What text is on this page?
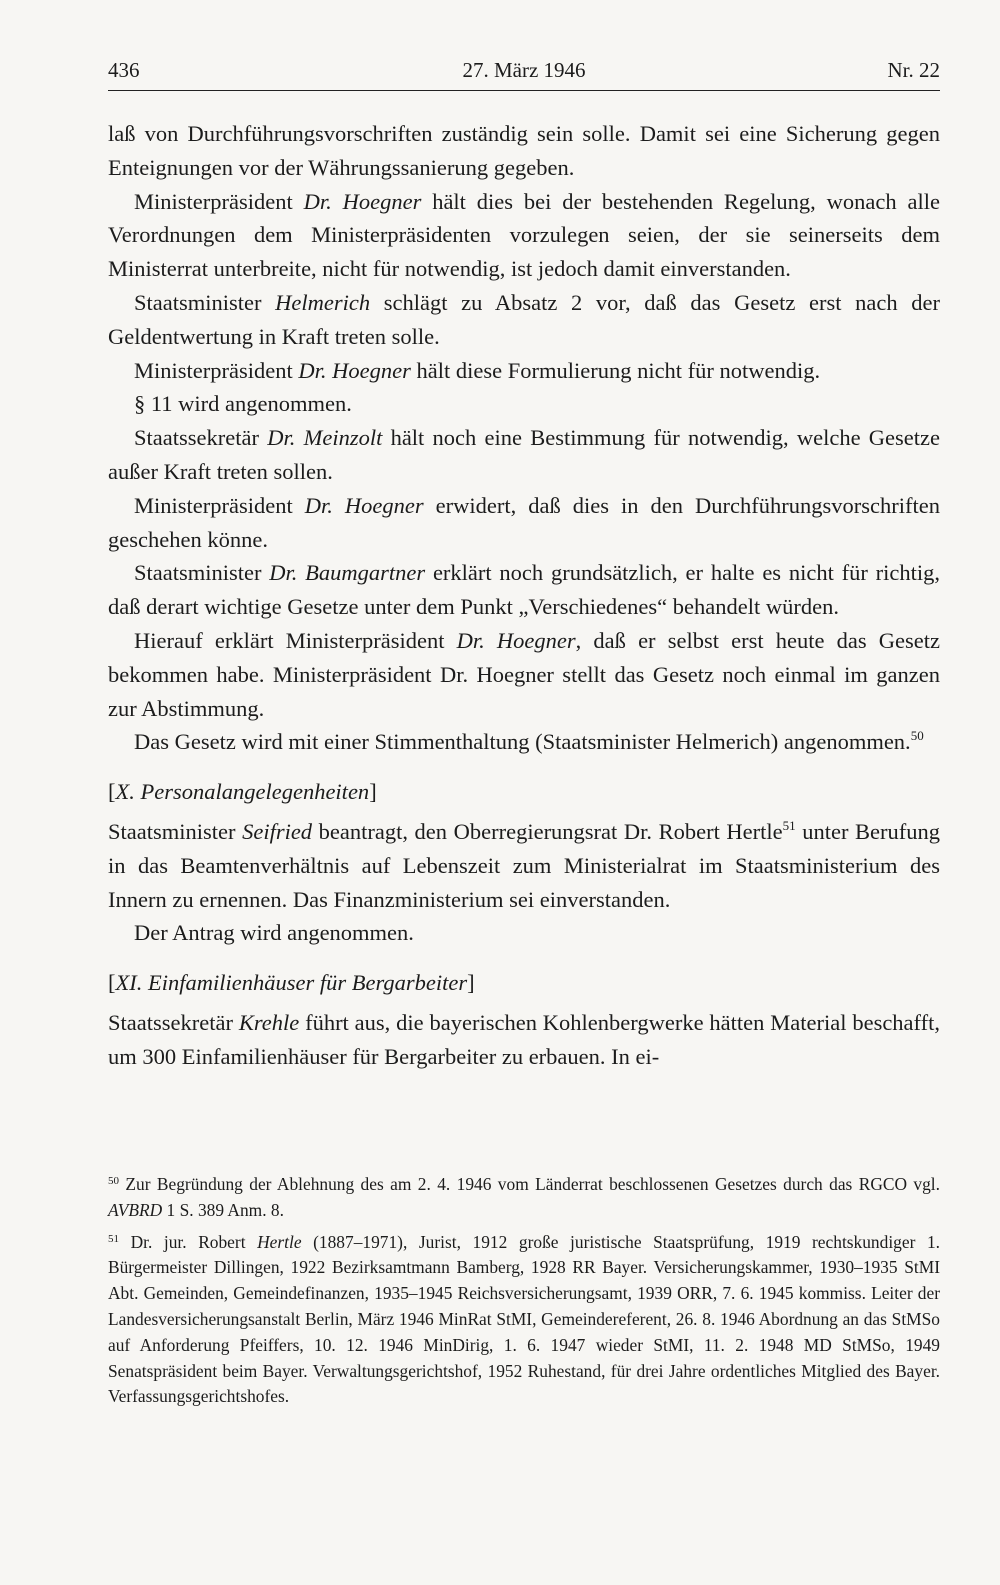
27. März 1946
436	Nr. 22

laß von Durchführungsvorschriften zuständig sein solle. Damit sei eine Sicherung gegen Enteignungen vor der Währungssanierung gegeben.

Ministerpräsident Dr. Hoegner hält dies bei der bestehenden Regelung, wonach alle Verordnungen dem Ministerpräsidenten vorzulegen seien, der sie seinerseits dem Ministerrat unterbreite, nicht für notwendig, ist jedoch damit einverstanden.

Staatsminister Helmerich schlägt zu Absatz 2 vor, daß das Gesetz erst nach der Geldentwertung in Kraft treten solle.

Ministerpräsident Dr. Hoegner hält diese Formulierung nicht für notwendig.

§ 11 wird angenommen.

Staatssekretär Dr. Meinzolt hält noch eine Bestimmung für notwendig, welche Gesetze außer Kraft treten sollen.

Ministerpräsident Dr. Hoegner erwidert, daß dies in den Durchführungsvorschriften geschehen könne.

Staatsminister Dr. Baumgartner erklärt noch grundsätzlich, er halte es nicht für richtig, daß derart wichtige Gesetze unter dem Punkt „Verschiedenes“ behandelt würden.

Hierauf erklärt Ministerpräsident Dr. Hoegner, daß er selbst erst heute das Gesetz bekommen habe. Ministerpräsident Dr. Hoegner stellt das Gesetz noch einmal im ganzen zur Abstimmung.

Das Gesetz wird mit einer Stimmenthaltung (Staatsminister Helmerich) angenommen.$^{50}$

[X. Personalangelegenheiten]

Staatsminister Seifried beantragt, den Oberregierungsrat Dr. Robert Hertle$^{51}$ unter Berufung in das Beamtenverhältnis auf Lebenszeit zum Ministerialrat im Staatsministerium des Innern zu ernennen. Das Finanzministerium sei einverstanden.

Der Antrag wird angenommen.

[XI. Einfamilienhäuser für Bergarbeiter]

Staatssekretär Krehle führt aus, die bayerischen Kohlenbergwerke hätten Material beschafft, um 300 Einfamilienhäuser für Bergarbeiter zu erbauen. In ei-

$^{50}$ Zur Begründung der Ablehnung des am 2. 4. 1946 vom Länderrat beschlossenen Gesetzes durch das RGCO vgl. AVBRD 1 S. 389 Anm. 8.

$^{51}$ Dr. jur. Robert Hertle (1887–1971), Jurist, 1912 große juristische Staatsprüfung, 1919 rechtskundiger 1. Bürgermeister Dillingen, 1922 Bezirksamtmann Bamberg, 1928 RR Bayer. Versicherungskammer, 1930–1935 StMI Abt. Gemeinden, Gemeindefinanzen, 1935–1945 Reichsversicherungsamt, 1939 ORR, 7. 6. 1945 kommiss. Leiter der Landesversicherungsanstalt Berlin, März 1946 MinRat StMI, Gemeindereferent, 26. 8. 1946 Abordnung an das StMSo auf Anforderung Pfeiffers, 10. 12. 1946 MinDirig, 1. 6. 1947 wieder StMI, 11. 2. 1948 MD StMSo, 1949 Senatspräsident beim Bayer. Verwaltungsgerichtshof, 1952 Ruhestand, für drei Jahre ordentliches Mitglied des Bayer. Verfassungsgerichtshofes.
